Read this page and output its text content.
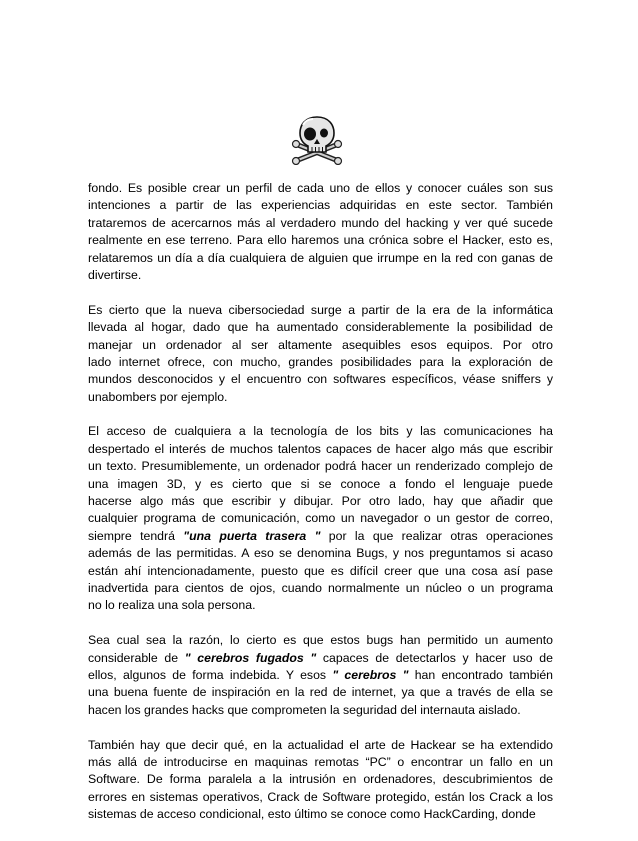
fondo. Es posible crear un perfil de cada uno de ellos y conocer cuáles son sus
intenciones a partir de las experiencias adquiridas en este sector. También
trataremos de acercarnos más al verdadero mundo del hacking y ver qué sucede
realmente en ese terreno. Para ello haremos una crónica sobre el Hacker, esto es,
relataremos un día a día cualquiera de alguien que irrumpe en la red con ganas de
divertirse.
Es cierto que la nueva cibersociedad surge a partir de la era de la informática
llevada al hogar, dado que ha aumentado considerablemente la posibilidad de
manejar un ordenador al ser altamente asequibles esos equipos. Por otro
lado internet ofrece, con mucho, grandes posibilidades para la exploración de
mundos desconocidos y el encuentro con softwares específicos, véase sniffers y
unabombers por ejemplo.
El acceso de cualquiera a la tecnología de los bits y las comunicaciones ha
despertado el interés de muchos talentos capaces de hacer algo más que escribir
un texto. Presumiblemente, un ordenador podrá hacer un renderizado complejo de
una imagen 3D, y es cierto que si se conoce a fondo el lenguaje puede
hacerse algo más que escribir y dibujar. Por otro lado, hay que añadir que
cualquier programa de comunicación, como un navegador o un gestor de correo,
siempre tendrá "una puerta trasera " por la que realizar otras operaciones
además de las permitidas. A eso se denomina Bugs, y nos preguntamos si acaso
están ahí intencionadamente, puesto que es difícil creer que una cosa así pase
inadvertida para cientos de ojos, cuando normalmente un núcleo o un programa
no lo realiza una sola persona.
Sea cual sea la razón, lo cierto es que estos bugs han permitido un aumento
considerable de " cerebros fugados " capaces de detectarlos y hacer uso de
ellos, algunos de forma indebida. Y esos " cerebros " han encontrado también
una buena fuente de inspiración en la red de internet, ya que a través de ella se
hacen los grandes hacks que comprometen la seguridad del internauta aislado.
También hay que decir qué, en la actualidad el arte de Hackear se ha extendido
más allá de introducirse en maquinas remotas “PC” o encontrar un fallo en un
Software. De forma paralela a la intrusión en ordenadores, descubrimientos de
errores en sistemas operativos, Crack de Software protegido, están los Crack a los
sistemas de acceso condicional, esto último se conoce como HackCarding, donde
